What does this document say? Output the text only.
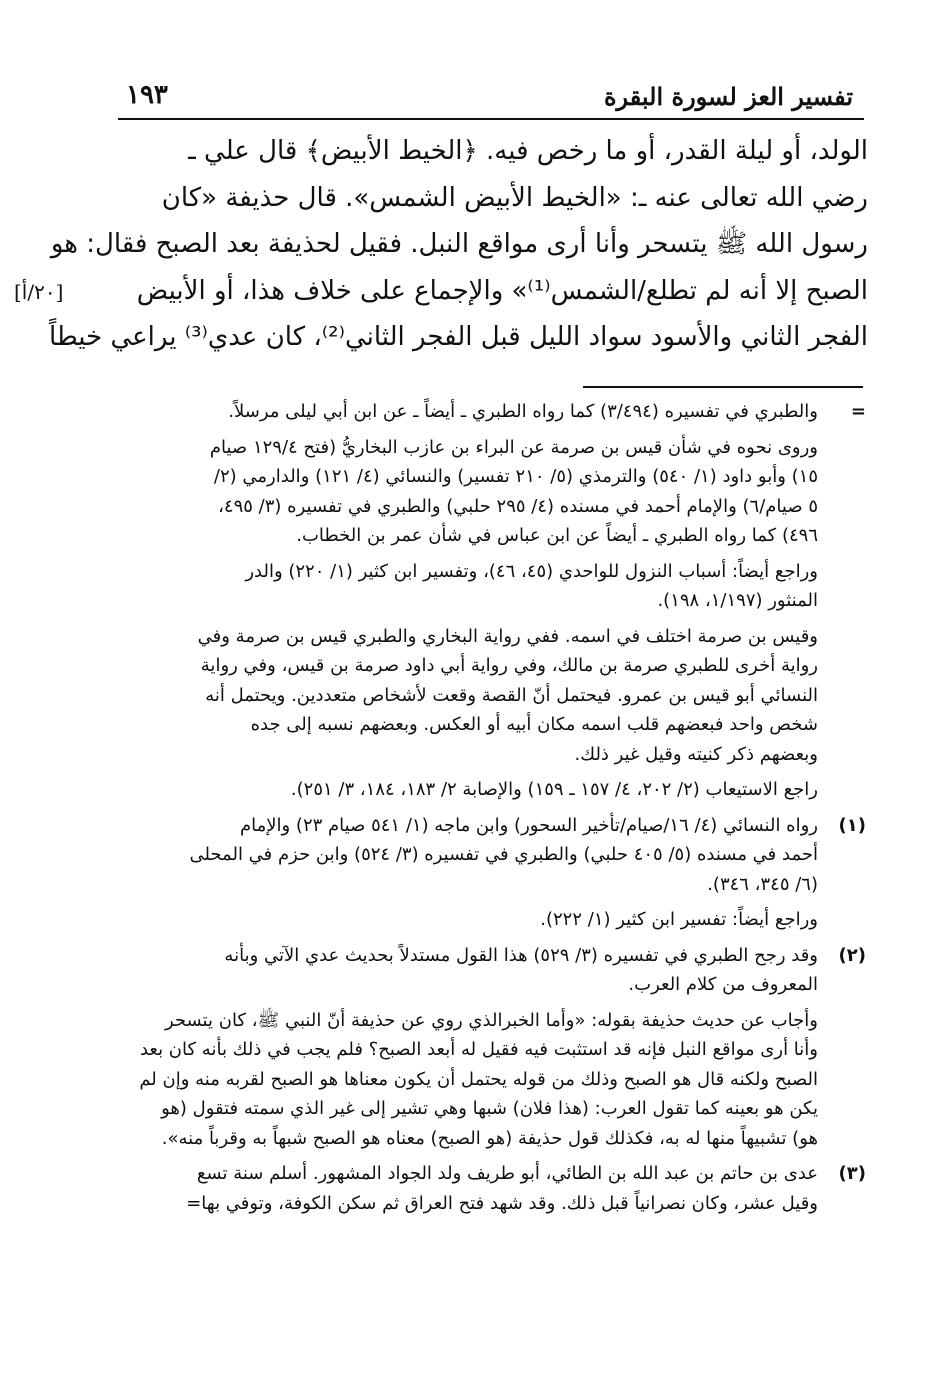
١٩٣	تفسير العز لسورة البقرة
الولد، أو ليلة القدر، أو ما رخص فيه. ﴿الخيط الأبيض﴾ قال علي ـ
رضي الله تعالى عنه ـ: «الخيط الأبيض الشمس». قال حذيفة «كان
رسول الله ﷺ يتسحر وأنا أرى مواقع النبل. فقيل لحذيفة بعد الصبح فقال: هو
الصبح إلا أنه لم تطلع/الشمس⁽¹⁾» والإجماع على خلاف هذا، أو الأبيض
الفجر الثاني والأسود سواد الليل قبل الفجر الثاني⁽²⁾، كان عدي⁽³⁾ يراعي خيطاً
[٢٠/أ]
=
والطبري في تفسيره (٣/٤٩٤) كما رواه الطبري ـ أيضاً ـ عن ابن أبي ليلى مرسلاً.
وروى نحوه في شأن قيس بن صرمة عن البراء بن عازب البخاريُّ (فتح ١٢٩/٤ صيام
١٥) وأبو داود (١/ ٥٤٠) والترمذي (٥/ ٢١٠ تفسير) والنسائي (٤/ ١٢١) والدارمي (٢/
٥ صيام/٦) والإمام أحمد في مسنده (٤/ ٢٩٥ حلبي) والطبري في تفسيره (٣/ ٤٩٥،
٤٩٦) كما رواه الطبري ـ أيضاً عن ابن عباس في شأن عمر بن الخطاب.
وراجع أيضاً: أسباب النزول للواحدي (٤٥، ٤٦)، وتفسير ابن كثير (١/ ٢٢٠) والدر
المنثور (١/١٩٧، ١٩٨).
وقيس بن صرمة اختلف في اسمه. ففي رواية البخاري والطبري قيس بن صرمة وفي
رواية أخرى للطبري صرمة بن مالك، وفي رواية أبي داود صرمة بن قيس، وفي رواية
النسائي أبو قيس بن عمرو. فيحتمل أنّ القصة وقعت لأشخاص متعددين. ويحتمل أنه
شخص واحد فبعضهم قلب اسمه مكان أبيه أو العكس. وبعضهم نسبه إلى جده
وبعضهم ذكر كنيته وقيل غير ذلك.
راجع الاستيعاب (٢/ ٢٠٢، ٤/ ١٥٧ ـ ١٥٩) والإصابة ٢/ ١٨٣، ١٨٤، ٣/ ٢٥١).
(١)
رواه النسائي (٤/ ١٦/صيام/تأخير السحور) وابن ماجه (١/ ٥٤١ صيام ٢٣) والإمام
أحمد في مسنده (٥/ ٤٠٥ حلبي) والطبري في تفسيره (٣/ ٥٢٤) وابن حزم في المحلى
(٦/ ٣٤٥، ٣٤٦).
وراجع أيضاً: تفسير ابن كثير (١/ ٢٢٢).
(٢)
وقد رجح الطبري في تفسيره (٣/ ٥٢٩) هذا القول مستدلاً بحديث عدي الآتي وبأنه
المعروف من كلام العرب.
وأجاب عن حديث حذيفة بقوله: «وأما الخبرالذي روي عن حذيفة أنّ النبي ﷺ، كان يتسحر
وأنا أرى مواقع النبل فإنه قد استثبت فيه فقيل له أبعد الصبح؟ فلم يجب في ذلك بأنه كان بعد
الصبح ولكنه قال هو الصبح وذلك من قوله يحتمل أن يكون معناها هو الصبح لقربه منه وإن لم
يكن هو بعينه كما تقول العرب: (هذا فلان) شبها وهي تشير إلى غير الذي سمته فتقول (هو
هو) تشبيهاً منها له به، فكذلك قول حذيفة (هو الصبح) معناه هو الصبح شبهاً به وقرباً منه».
(٣)
عدى بن حاتم بن عبد الله بن الطائي، أبو طريف ولد الجواد المشهور. أسلم سنة تسع
وقيل عشر، وكان نصرانياً قبل ذلك. وقد شهد فتح العراق ثم سكن الكوفة، وتوفي بها=
